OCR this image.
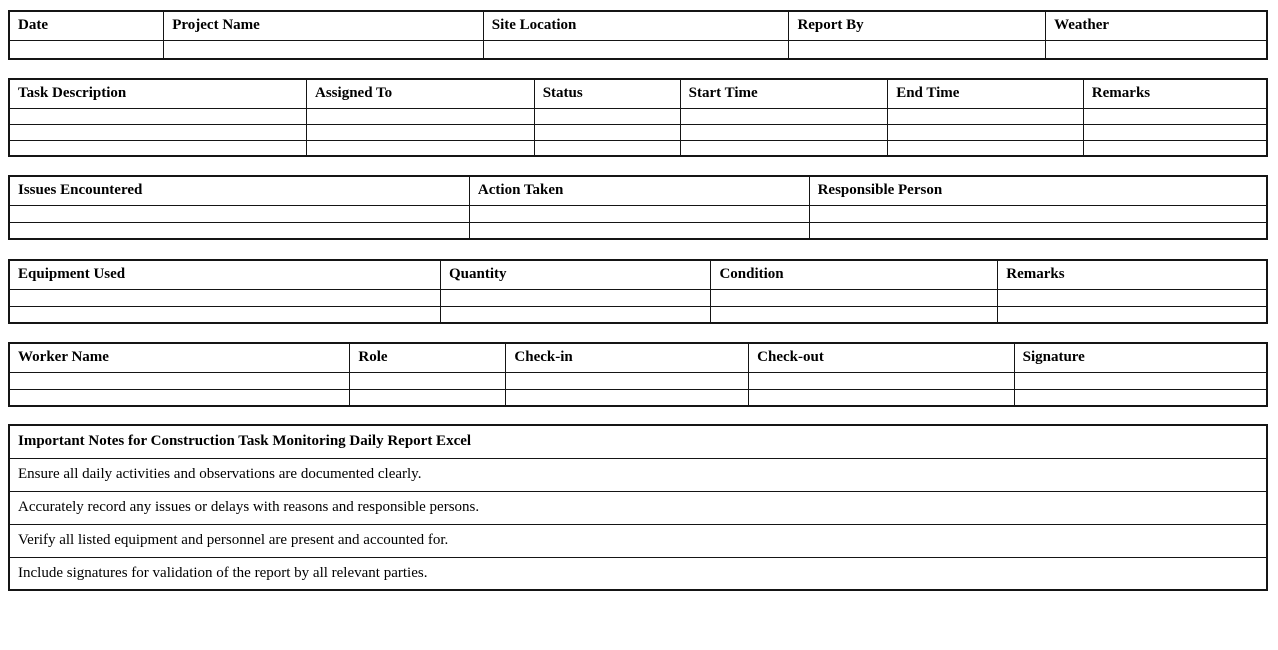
Date	Project Name	Site Location	Report By	Weather

Task Description	Assigned To	Status	Start Time	End Time	Remarks

Issues Encountered	Action Taken	Responsible Person

Equipment Used	Quantity	Condition	Remarks

Worker Name	Role	Check-in	Check-out	Signature

Important Notes for Construction Task Monitoring Daily Report Excel
Ensure all daily activities and observations are documented clearly.
Accurately record any issues or delays with reasons and responsible persons.
Verify all listed equipment and personnel are present and accounted for.
Include signatures for validation of the report by all relevant parties.
